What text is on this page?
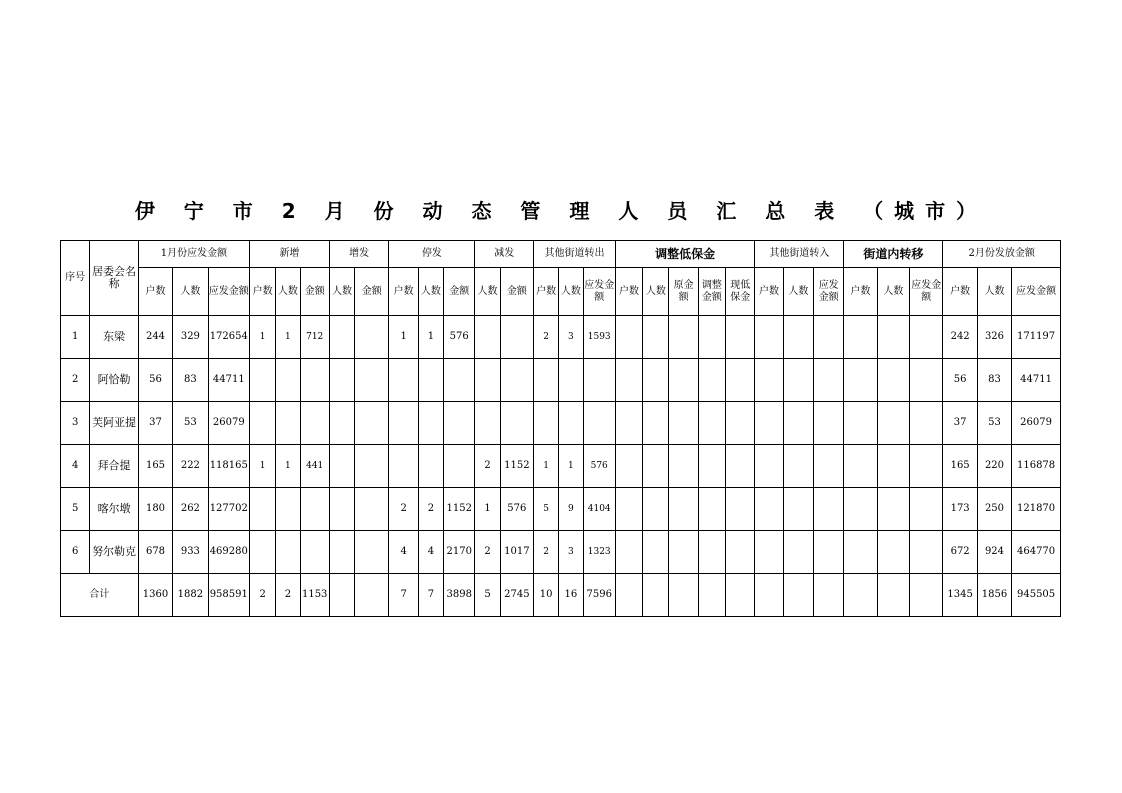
伊 宁 市 2 月 份 动 态 管 理 人 员 汇 总 表 （城市）
序号	居委会名称	1月份应发金额			新增			增发		停发			减发		其他街道转出			调整低保金					其他街道转入			街道内转移			2月份发放金额		
		户数	人数	应发金额	户数	人数	金额	人数	金额	户数	人数	金额	人数	金额	户数	人数	应发金额	户数	人数	原金额	调整金额	现低保金	户数	人数	应发金额	户数	人数	应发金额	户数	人数	应发金额
1	东梁	244	329	172654	1	1	712			1	1	576			2	3	1593												242	326	171197
2	阿恰勒	56	83	44711																									56	83	44711
3	芙阿亚提	37	53	26079																									37	53	26079
4	拜合提	165	222	118165	1	1	441						2	1152	1	1	576												165	220	116878
5	喀尔墩	180	262	127702						2	2	1152	1	576	5	9	4104												173	250	121870
6	努尔勒克	678	933	469280						4	4	2170	2	1017	2	3	1323												672	924	464770
合计		1360	1882	958591	2	2	1153			7	7	3898	5	2745	10	16	7596												1345	1856	945505
